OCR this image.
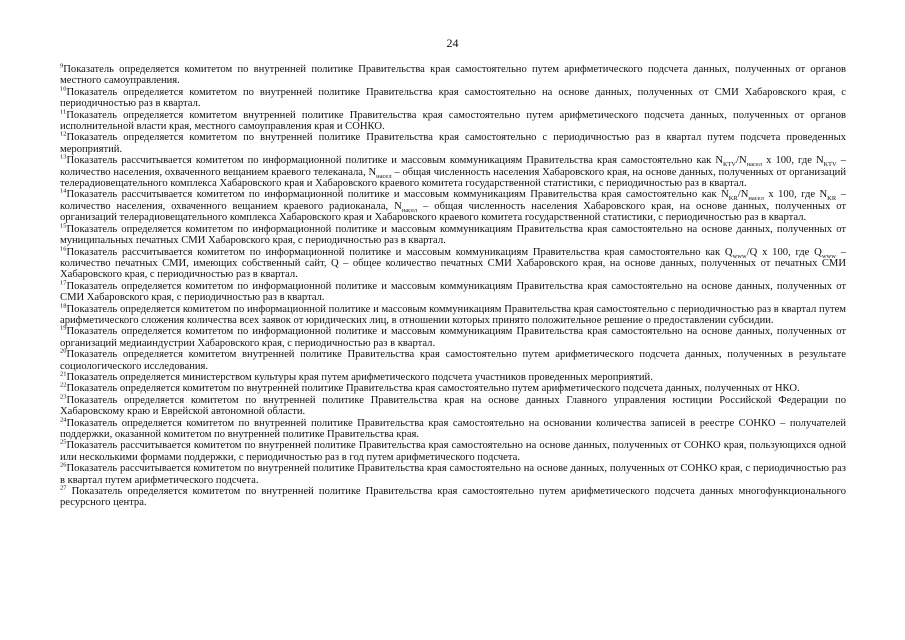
24

$^9$Показатель определяется комитетом по внутренней политике Правительства края самостоятельно путем арифметического подсчета данных, полученных от органов местного самоуправления.

$^{10}$Показатель определяется комитетом по внутренней политике Правительства края самостоятельно на основе данных, полученных от СМИ Хабаровского края, с периодичностью раз в квартал.

$^{11}$Показатель определяется комитетом внутренней политике Правительства края самостоятельно путем арифметического подсчета данных, полученных от органов исполнительной власти края, местного самоуправления края и СОНКО.

$^{12}$Показатель определяется комитетом по внутренней политике Правительства края самостоятельно с периодичностью раз в квартал путем подсчета проведенных мероприятий.

$^{13}$Показатель рассчитывается комитетом по информационной политике и массовым коммуникациям Правительства края самостоятельно как $N_{КTV}/N_{насел}$ x 100, где $N_{КTV}$ – количество населения, охваченного вещанием краевого телеканала, $N_{насел}$ – общая численность населения Хабаровского края, на основе данных, полученных от организаций телерадиовещательного комплекса Хабаровского края и Хабаровского краевого комитета государственной статистики, с периодичностью раз в квартал.

$^{14}$Показатель рассчитывается комитетом по информационной политике и массовым коммуникациям Правительства края самостоятельно как $N_{KR}/N_{насел}$ x 100, где $N_{KR}$ – количество населения, охваченного вещанием краевого радиоканала, $N_{насел}$ – общая численность населения Хабаровского края, на основе данных, полученных от организаций телерадиовещательного комплекса Хабаровского края и Хабаровского краевого комитета государственной статистики, с периодичностью раз в квартал.

$^{15}$Показатель определяется комитетом по информационной политике и массовым коммуникациям Правительства края самостоятельно на основе данных, полученных от муниципальных печатных СМИ Хабаровского края, с периодичностью раз в квартал.

$^{16}$Показатель рассчитывается комитетом по информационной политике и массовым коммуникациям Правительства края самостоятельно как $Q_{www}/Q$ x 100, где $Q_{www}$ – количество печатных СМИ, имеющих собственный сайт, Q – общее количество печатных СМИ Хабаровского края, на основе данных, полученных от печатных СМИ Хабаровского края, с периодичностью раз в квартал.

$^{17}$Показатель определяется комитетом по информационной политике и массовым коммуникациям Правительства края самостоятельно на основе данных, полученных от СМИ Хабаровского края, с периодичностью раз в квартал.

$^{18}$Показатель определяется комитетом по информационной политике и массовым коммуникациям Правительства края самостоятельно с периодичностью раз в квартал путем арифметического сложения количества всех заявок от юридических лиц, в отношении которых принято положительное решение о предоставлении субсидии.

$^{19}$Показатель определяется комитетом по информационной политике и массовым коммуникациям Правительства края самостоятельно на основе данных, полученных от организаций медиаиндустрии Хабаровского края, с периодичностью раз в квартал.

$^{20}$Показатель определяется комитетом внутренней политике Правительства края самостоятельно путем арифметического подсчета данных, полученных в результате социологического исследования.

$^{21}$Показатель определяется министерством культуры края путем арифметического подсчета участников проведенных мероприятий.

$^{22}$Показатель определяется комитетом по внутренней политике Правительства края самостоятельно путем арифметического подсчета данных, полученных от НКО.

$^{23}$Показатель определяется комитетом по внутренней политике Правительства края на основе данных Главного управления юстиции Российской Федерации по Хабаровскому краю и Еврейской автономной области.

$^{24}$Показатель определяется комитетом по внутренней политике Правительства края самостоятельно на основании количества записей в реестре СОНКО – получателей поддержки, оказанной комитетом по внутренней политике Правительства края.

$^{25}$Показатель рассчитывается комитетом по внутренней политике Правительства края самостоятельно на основе данных, полученных от СОНКО края, пользующихся одной или несколькими формами поддержки, с периодичностью раз в год путем арифметического подсчета.

$^{26}$Показатель рассчитывается комитетом по внутренней политике Правительства края самостоятельно на основе данных, полученных от СОНКО края, с периодичностью раз в квартал путем арифметического подсчета.

$^{27}$ Показатель определяется комитетом по внутренней политике Правительства края самостоятельно путем арифметического подсчета данных многофункционального ресурсного центра.
